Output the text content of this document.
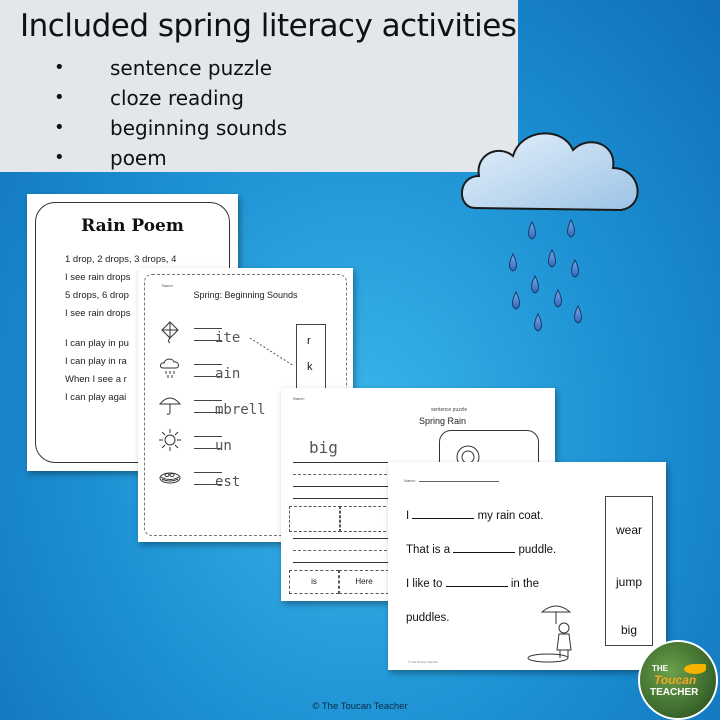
Included spring literacy activities
•	sentence puzzle
•	cloze reading
•	beginning sounds
•	poem
Rain Poem
1 drop, 2 drops, 3 drops, 4
I see rain drops
5 drops, 6 drop
I see rain drops
I can play in pu
I can play in ra
When I see a r
I can play agai
Name:
Spring: Beginning Sounds
ite
ain
mbrell
un
est
r
k
Name:
sentence puzzle
Spring Rain
big
is	Here
Name:
I	my rain coat.
That is a	puddle.
I like to	in the
puddles.
wear
jump
big
© The Toucan Teacher
© The Toucan Teacher
THE
Toucan
TEACHER
